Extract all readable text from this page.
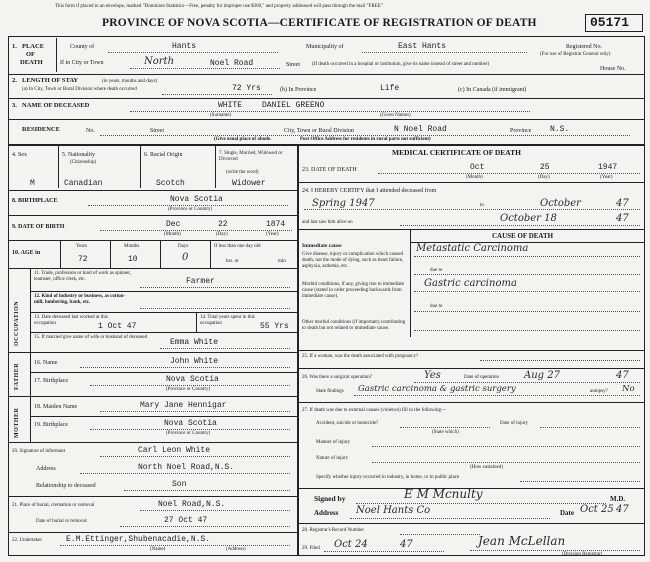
This form if placed in an envelope, marked "Dominion Statistics—Free, penalty for improper use $300," and property addressed will pass through the mail "FREE"
PROVINCE OF NOVA SCOTIA—CERTIFICATE OF REGISTRATION OF DEATH	05171
1. PLACE
OF
DEATH
County of	Hants	Municipality of	East Hants	Registered No.
(For use of Registrar General only)
If in City or Town	North	Noel Road	Street (If death occurred in a hospital or institution, give its name instead of street and number)
House No.
2. LENGTH OF STAY	(in years, months and days)
(a) In City, Town or Rural Division where death occurred	72 Yrs	(b) In Province	Life	(c) In Canada (if immigrant)
3. NAME OF DECEASED	WHITE DANIEL GREENO
(Surname)	(Given Names)
RESIDENCE	No.	Street	City, Town or Rural Division	N Noel Road	Province N.S.
(Give usual place of abode.	Post Office Address for residents in rural parts not sufficient)
4. Sex	5. Nationality
(Citizenship)
6. Racial Origin	7. Single, Married, Widowed or Divorced
(write the word)
M	Canadian	Scotch	Widower
8. BIRTHPLACE	Nova Scotia
(Province or Country)
9. DATE OF BIRTH	Dec	22	1874
(Month)	(Day)	(Year)
10. AGE in
Years	Months	Days	If less than one day old
72	10	0	hrs. or	min
OCCUPATION
11. Trade, profession or kind of work as spinner, teamster, office clerk, etc.	Farmer
12. Kind of industry or business, as cotton-mill, lumbering, bank, etc.
13. Date deceased last worked at this occupation	1 Oct 47
14. Total years spent in this occupation	55 Yrs
15. If married give name of wife or husband of deceased
Emma White
FATHER 16. Name	John White
17. Birthplace	Nova Scotia
(Province or Country)
MOTHER
18. Maiden Name	Mary Jane Hennigar
19. Birthplace	Nova Scotia
(Province or Country)
20. Signature of informant	Carl Leon White
Address	North Noel Road,N.S.
Relationship to deceased	Son
21. Place of burial, cremation or removal	Noel Road,N.S.
Date of burial or removal	27 Oct 47
22. Undertaker	E.M.Ettinger,Shubenacadie,N.S.
(Name)	(Address)
MEDICAL CERTIFICATE OF DEATH
23. DATE OF DEATH	Oct	25	1947
(Month)	(Day)	(Year)
24. I HEREBY CERTIFY that I attended deceased from
Spring 1947	to	October	47
and last saw him alive on	October 18	47
CAUSE OF DEATH
Immediate cause
Give disease, injury or complication which caused death, not the mode of dying, such as heart failure, asphyxia, asthenia, etc.
Metastatic Carcinoma
due to
Morbid conditions, if any, giving rise to immediate cause (stated in order proceeding backwards from immediate cause).
Gastric carcinoma
due to
Other morbid conditions (if important) contributing to death but not related to immediate cause.
25. If a woman, was the death associated with pregnancy?
26. Was there a surgical operation?	Yes	Date of operation	Aug 27	47
State findings Gastric carcinoma & gastric surgery	autopsy? No
27. If death was due to external causes (violence) fill in the following—
Accident, suicide or homicide?
(State which)
Date of injury
Manner of injury
Nature of injury
(How sustained)
Specify whether injury occurred in industry, in home, or in public place
Signed by	E M Mcnulty	M.D.
Address Noel Hants Co	Date Oct 25 47
28. Registrar's Record Number
29. Filed Oct 24	47	Jean McLellan
(Division Registrar)
